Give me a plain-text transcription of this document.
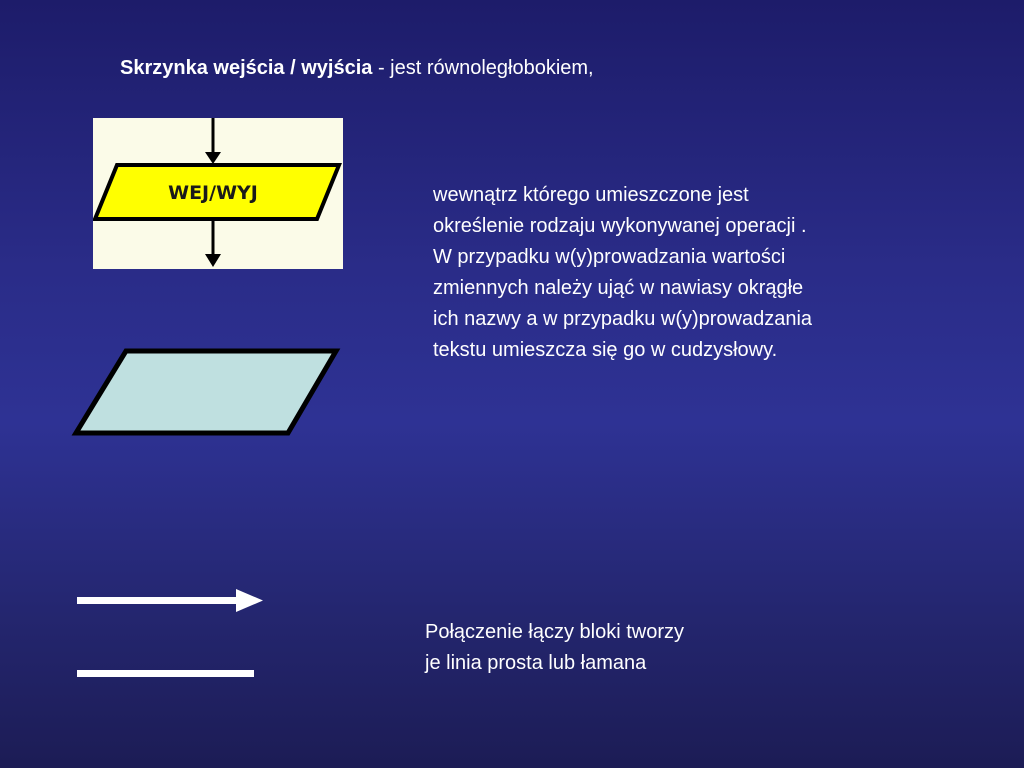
Skrzynka wejścia / wyjścia - jest równoległobokiem,
WEJ/WYJ	wewnątrz którego umieszczone jest
określenie rodzaju wykonywanej operacji .
W przypadku w(y)prowadzania wartości
zmiennych należy ująć w nawiasy okrągłe
ich nazwy a w przypadku w(y)prowadzania
tekstu umieszcza się go w cudzysłowy.
Połączenie łączy bloki tworzy
je linia prosta lub łamana
